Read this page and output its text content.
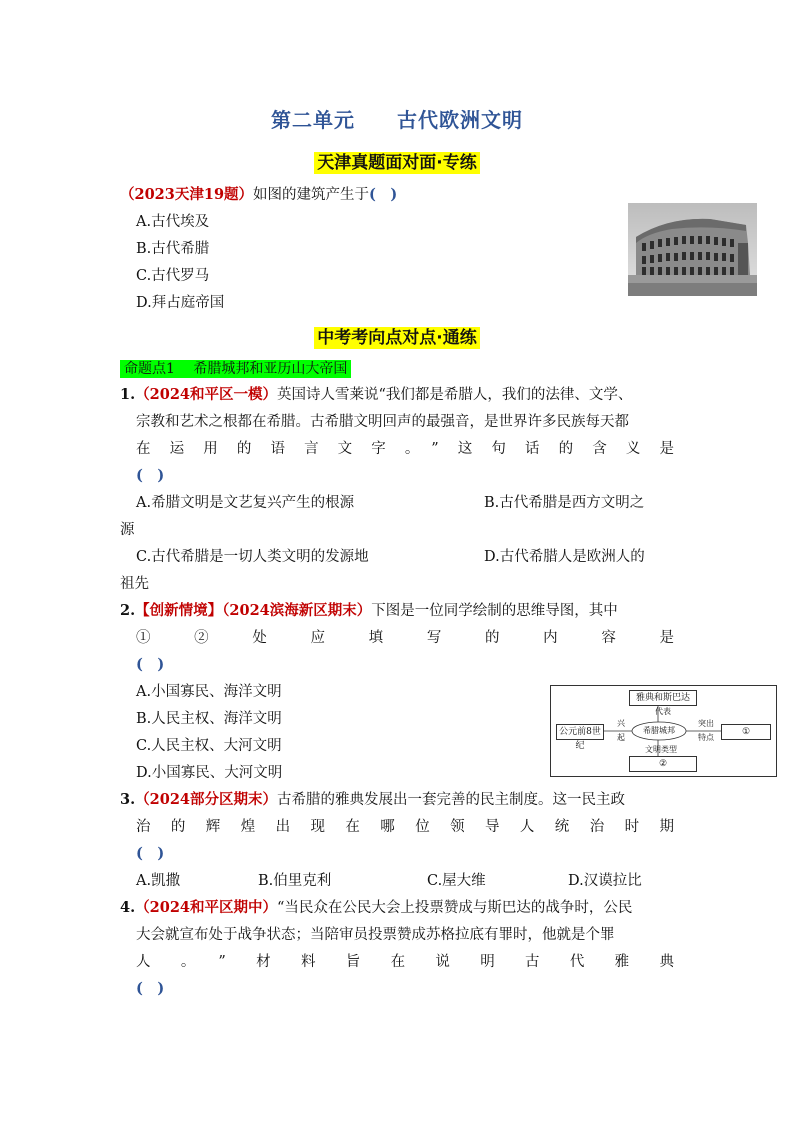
第二单元　　古代欧洲文明
天津真题面对面·专练
（2023天津19题）如图的建筑产生于(　)
A.古代埃及
B.古代希腊
C.古代罗马
D.拜占庭帝国
中考考向点对点·通练
命题点1　 希腊城邦和亚历山大帝国
1.（2024和平区一模）英国诗人雪莱说“我们都是希腊人，我们的法律、文学、
宗教和艺术之根都在希腊。古希腊文明回声的最强音，是世界许多民族每天都
在运用的语言文字。”这句话的含义是
(　)
A.希腊文明是文艺复兴产生的根源	B.古代希腊是西方文明之
源
C.古代希腊是一切人类文明的发源地	D.古代希腊人是欧洲人的
祖先
2.【创新情境】（2024滨海新区期末）下图是一位同学绘制的思维导图，其中
①②处应填写的内容是
(　)
A.小国寡民、海洋文明
B.人民主权、海洋文明
C.人民主权、大河文明
D.小国寡民、大河文明
雅典和斯巴达
代表
希腊城邦
公元前8世纪
兴
起
突出
特点
①
文明类型
②
3.（2024部分区期末）古希腊的雅典发展出一套完善的民主制度。这一民主政
治的辉煌出现在哪位领导人统治时期
(　)
A.凯撒	B.伯里克利	C.屋大维	D.汉谟拉比
4.（2024和平区期中）“当民众在公民大会上投票赞成与斯巴达的战争时，公民
大会就宣布处于战争状态；当陪审员投票赞成苏格拉底有罪时，他就是个罪
人。”材料旨在说明古代雅典
(　)
